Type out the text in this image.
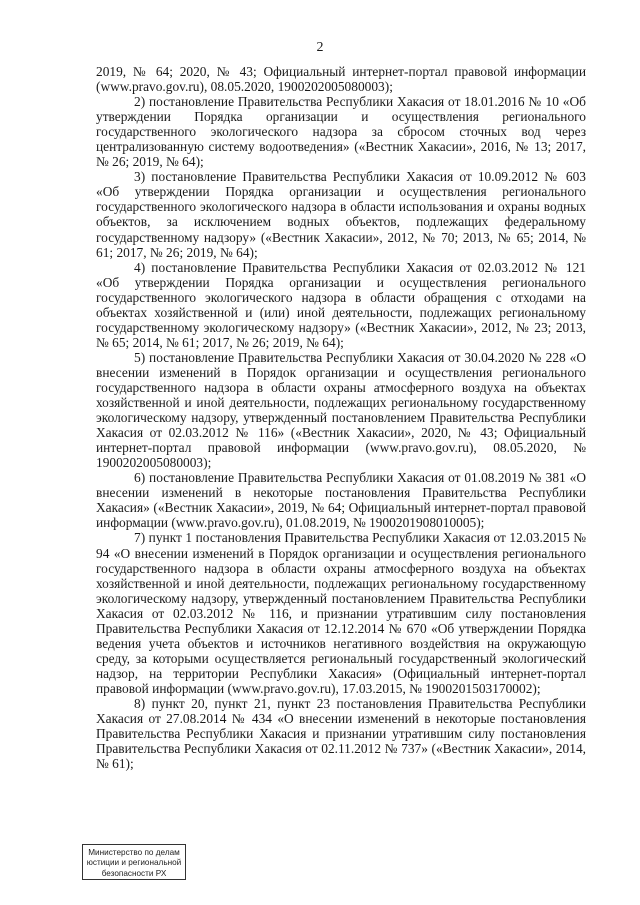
2

2019, № 64; 2020, № 43; Официальный интернет-портал правовой информации (www.pravo.gov.ru), 08.05.2020, 1900202005080003);

2) постановление Правительства Республики Хакасия от 18.01.2016 № 10 «Об утверждении Порядка организации и осуществления регионального государственного экологического надзора за сбросом сточных вод через централизованную систему водоотведения» («Вестник Хакасии», 2016, № 13; 2017, № 26; 2019, № 64);

3) постановление Правительства Республики Хакасия от 10.09.2012 № 603 «Об утверждении Порядка организации и осуществления регионального государственного экологического надзора в области использования и охраны водных объектов, за исключением водных объектов, подлежащих федеральному государственному надзору» («Вестник Хакасии», 2012, № 70; 2013, № 65; 2014, № 61; 2017, № 26; 2019, № 64);

4) постановление Правительства Республики Хакасия от 02.03.2012 № 121 «Об утверждении Порядка организации и осуществления регионального государственного экологического надзора в области обращения с отходами на объектах хозяйственной и (или) иной деятельности, подлежащих региональному государственному экологическому надзору» («Вестник Хакасии», 2012, № 23; 2013, № 65; 2014, № 61; 2017, № 26; 2019, № 64);

5) постановление Правительства Республики Хакасия от 30.04.2020 № 228 «О внесении изменений в Порядок организации и осуществления регионального государственного надзора в области охраны атмосферного воздуха на объектах хозяйственной и иной деятельности, подлежащих региональному государственному экологическому надзору, утвержденный постановлением Правительства Республики Хакасия от 02.03.2012 № 116» («Вестник Хакасии», 2020, № 43; Официальный интернет-портал правовой информации (www.pravo.gov.ru), 08.05.2020, № 1900202005080003);

6) постановление Правительства Республики Хакасия от 01.08.2019 № 381 «О внесении изменений в некоторые постановления Правительства Республики Хакасия» («Вестник Хакасии», 2019, № 64; Официальный интернет-портал правовой информации (www.pravo.gov.ru), 01.08.2019, № 1900201908010005);

7) пункт 1 постановления Правительства Республики Хакасия от 12.03.2015 № 94 «О внесении изменений в Порядок организации и осуществления регионального государственного надзора в области охраны атмосферного воздуха на объектах хозяйственной и иной деятельности, подлежащих региональному государственному экологическому надзору, утвержденный постановлением Правительства Республики Хакасия от 02.03.2012 № 116, и признании утратившим силу постановления Правительства Республики Хакасия от 12.12.2014 № 670 «Об утверждении Порядка ведения учета объектов и источников негативного воздействия на окружающую среду, за которыми осуществляется региональный государственный экологический надзор, на территории Республики Хакасия» (Официальный интернет-портал правовой информации (www.pravo.gov.ru), 17.03.2015, № 1900201503170002);

8) пункт 20, пункт 21, пункт 23 постановления Правительства Республики Хакасия от 27.08.2014 № 434 «О внесении изменений в некоторые постановления Правительства Республики Хакасия и признании утратившим силу постановления Правительства Республики Хакасия от 02.11.2012 № 737» («Вестник Хакасии», 2014, № 61);

Министерство по делам
юстиции и региональной
безопасности РХ
